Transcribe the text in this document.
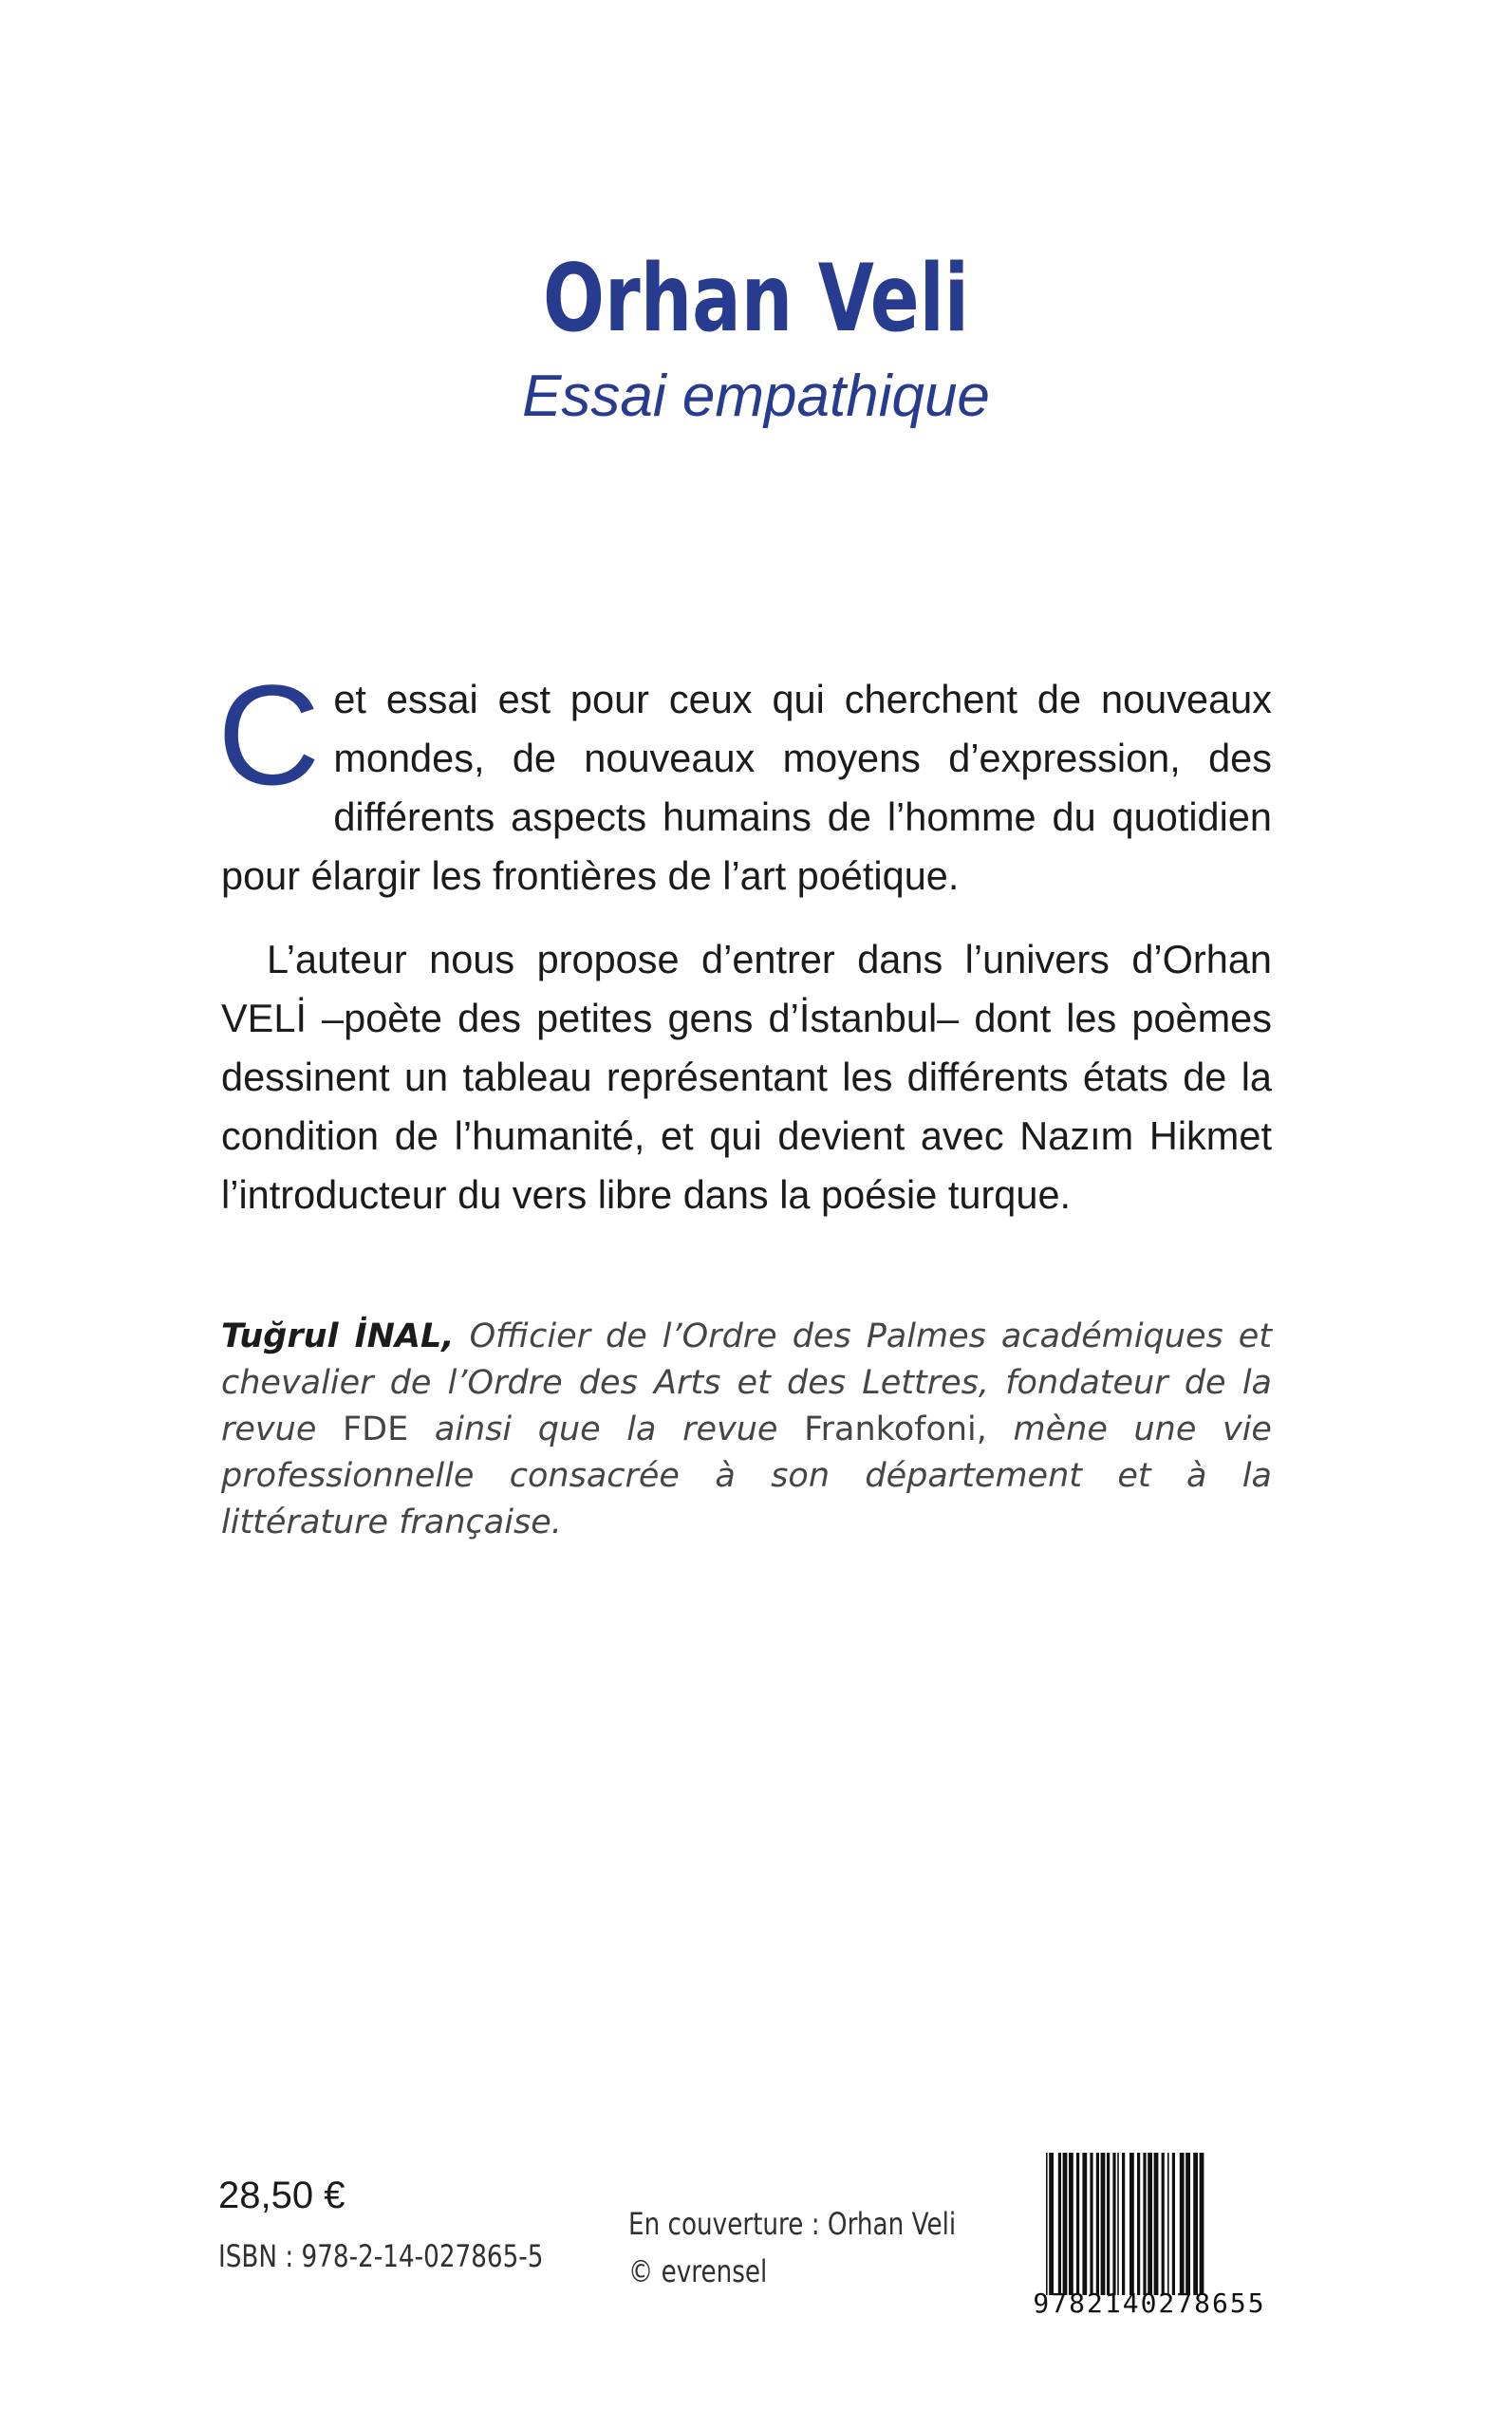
Orhan Veli
Essai empathique

Cet essai est pour ceux qui cherchent de nouveaux mondes, de nouveaux moyens d’expression, des différents aspects humains de l’homme du quotidien pour élargir les frontières de l’art poétique.

L’auteur nous propose d’entrer dans l’univers d’Orhan VELİ –poète des petites gens d’İstanbul– dont les poèmes dessinent un tableau représentant les différents états de la condition de l’humanité, et qui devient avec Nazım Hikmet l’introducteur du vers libre dans la poésie turque.

Tuğrul İNAL, Officier de l’Ordre des Palmes académiques et chevalier de l’Ordre des Arts et des Lettres, fondateur de la revue FDE ainsi que la revue Frankofoni, mène une vie professionnelle consacrée à son département et à la littérature française.
28,50 €
ISBN : 978-2-14-027865-5
En couverture : Orhan Veli
© evrensel
9782140278655
